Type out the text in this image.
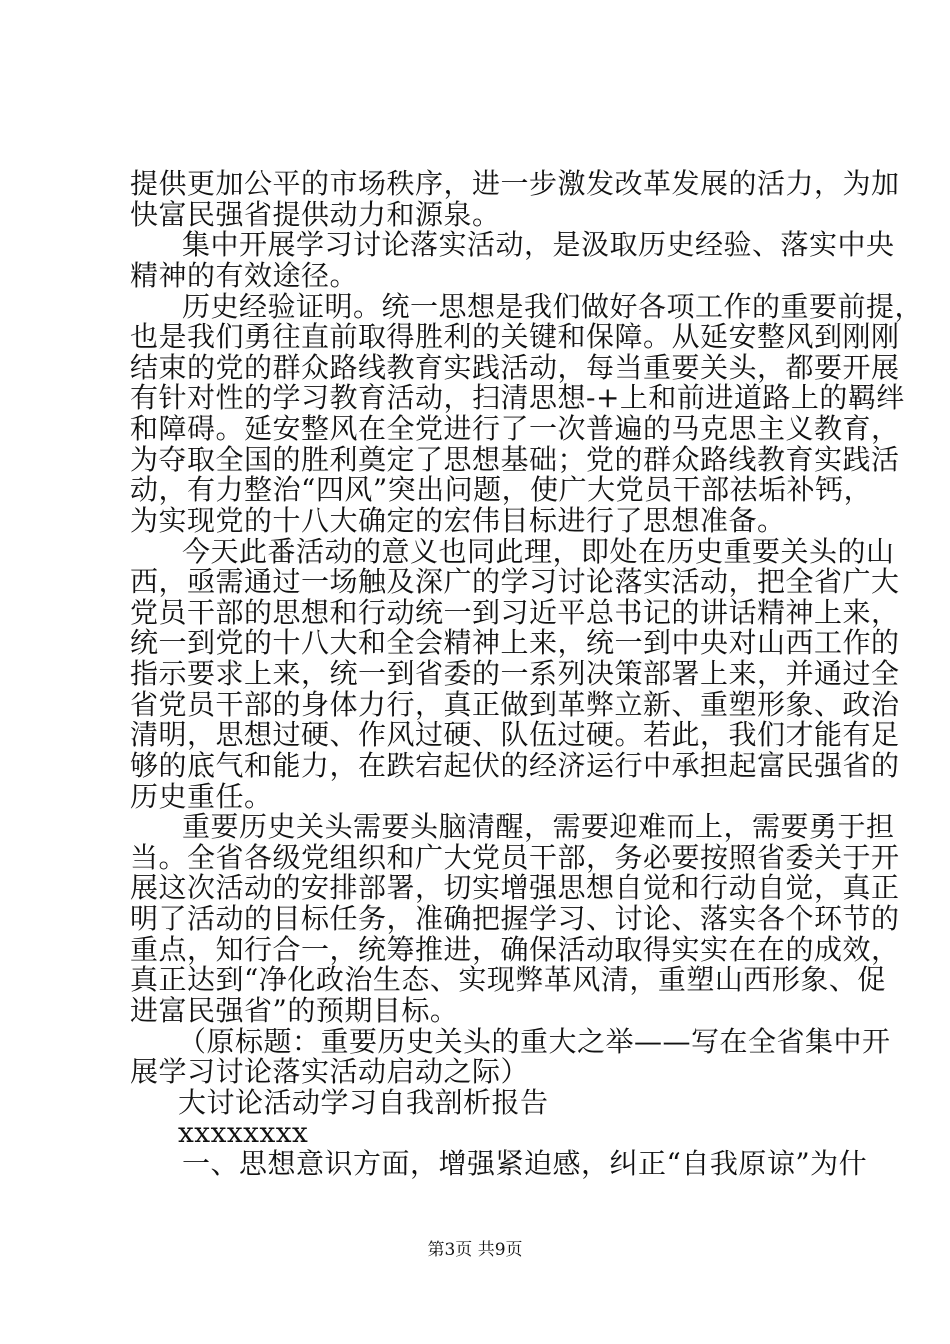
提供更加公平的市场秩序，进一步激发改革发展的活力，为加
快富民强省提供动力和源泉。
集中开展学习讨论落实活动，是汲取历史经验、落实中央
精神的有效途径。
历史经验证明。统一思想是我们做好各项工作的重要前提，
也是我们勇往直前取得胜利的关键和保障。从延安整风到刚刚
结束的党的群众路线教育实践活动，每当重要关头，都要开展
有针对性的学习教育活动，扫清思想-+上和前进道路上的羁绊
和障碍。延安整风在全党进行了一次普遍的马克思主义教育，
为夺取全国的胜利奠定了思想基础；党的群众路线教育实践活
动，有力整治“四风”突出问题，使广大党员干部祛垢补钙，
为实现党的十八大确定的宏伟目标进行了思想准备。
今天此番活动的意义也同此理，即处在历史重要关头的山
西，亟需通过一场触及深广的学习讨论落实活动，把全省广大
党员干部的思想和行动统一到习近平总书记的讲话精神上来，
统一到党的十八大和全会精神上来，统一到中央对山西工作的
指示要求上来，统一到省委的一系列决策部署上来，并通过全
省党员干部的身体力行，真正做到革弊立新、重塑形象、政治
清明，思想过硬、作风过硬、队伍过硬。若此，我们才能有足
够的底气和能力，在跌宕起伏的经济运行中承担起富民强省的
历史重任。
重要历史关头需要头脑清醒，需要迎难而上，需要勇于担
当。全省各级党组织和广大党员干部，务必要按照省委关于开
展这次活动的安排部署，切实增强思想自觉和行动自觉，真正
明了活动的目标任务，准确把握学习、讨论、落实各个环节的
重点，知行合一，统筹推进，确保活动取得实实在在的成效，
真正达到“净化政治生态、实现弊革风清，重塑山西形象、促
进富民强省”的预期目标。
（原标题：重要历史关头的重大之举——写在全省集中开
展学习讨论落实活动启动之际）
大讨论活动学习自我剖析报告
xxxxxxxx
一、思想意识方面，增强紧迫感，纠正“自我原谅”为什
第3页 共9页
